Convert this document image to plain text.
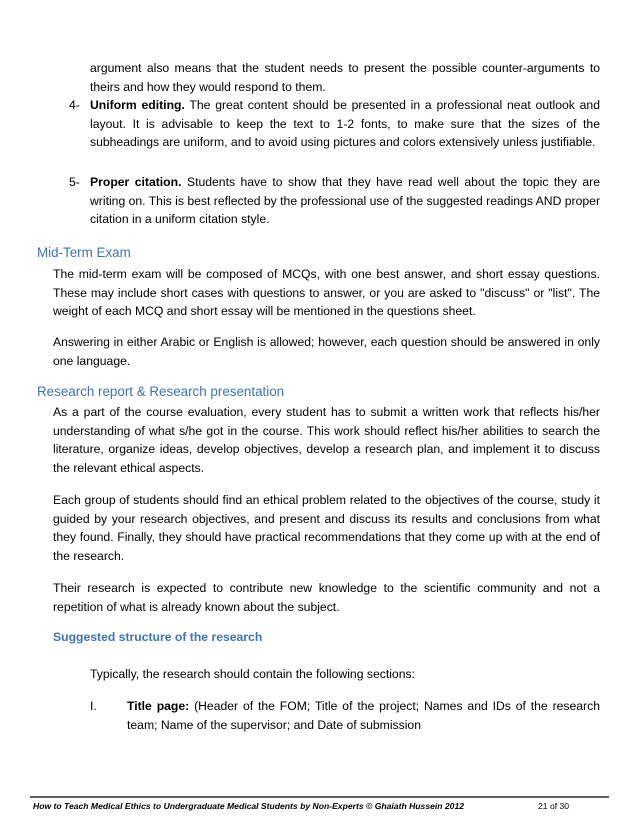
argument also means that the student needs to present the possible counter-arguments to theirs and how they would respond to them.
4- Uniform editing. The great content should be presented in a professional neat outlook and layout. It is advisable to keep the text to 1-2 fonts, to make sure that the sizes of the subheadings are uniform, and to avoid using pictures and colors extensively unless justifiable.
5- Proper citation. Students have to show that they have read well about the topic they are writing on. This is best reflected by the professional use of the suggested readings AND proper citation in a uniform citation style.
Mid-Term Exam
The mid-term exam will be composed of MCQs, with one best answer, and short essay questions. These may include short cases with questions to answer, or you are asked to "discuss" or "list". The weight of each MCQ and short essay will be mentioned in the questions sheet.
Answering in either Arabic or English is allowed; however, each question should be answered in only one language.
Research report & Research presentation
As a part of the course evaluation, every student has to submit a written work that reflects his/her understanding of what s/he got in the course. This work should reflect his/her abilities to search the literature, organize ideas, develop objectives, develop a research plan, and implement it to discuss the relevant ethical aspects.
Each group of students should find an ethical problem related to the objectives of the course, study it guided by your research objectives, and present and discuss its results and conclusions from what they found. Finally, they should have practical recommendations that they come up with at the end of the research.
Their research is expected to contribute new knowledge to the scientific community and not a repetition of what is already known about the subject.
Suggested structure of the research
Typically, the research should contain the following sections:
I. Title page: (Header of the FOM; Title of the project; Names and IDs of the research team; Name of the supervisor; and Date of submission
How to Teach Medical Ethics to Undergraduate Medical Students by Non-Experts © Ghaiath Hussein 2012	21 of 30
